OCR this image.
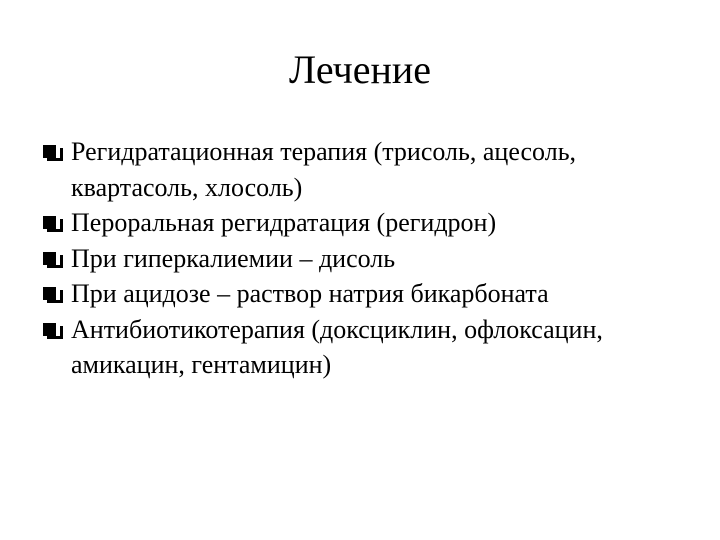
Лечение
Регидратационная терапия (трисоль, ацесоль, квартасоль, хлосоль)
Пероральная регидратация (регидрон)
При гиперкалиемии – дисоль
При ацидозе – раствор натрия бикарбоната
Антибиотикотерапия (доксциклин, офлоксацин, амикацин, гентамицин)
